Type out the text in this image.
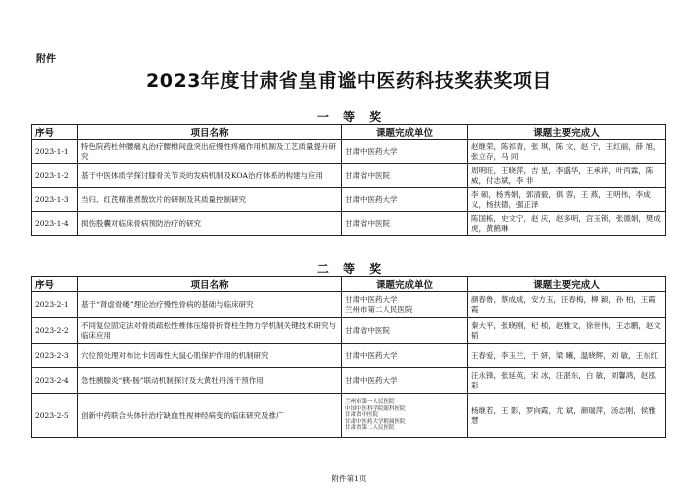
附件
2023年度甘肃省皇甫谧中医药科技奖获奖项目
一 等 奖
序号	项目名称	课题完成单位	课题主要完成人
2023-1-1	特色院药杜仲腰痛丸治疗腰椎间盘突出症慢性疼痛作用机制及工艺质量提升研究	甘肃中医药大学	赵继荣，陈祁青，张 琪，陈 文，赵 宁，王红丽，薛 旭，张立存，马 同
2023-1-2	基于中医体质学探讨膝骨关节炎的发病机制及KOA治疗体系的构建与应用	甘肃省中医院	周明旺，王晓萍，吉 星，李盛华，王承祥，叶丙霖，陈 威，付志斌，李 非
2023-1-3	当归、红芪精准煮散饮片的研制及其质量控制研究	甘肃中医药大学	李 硕，杨秀娟，郭清毅，俱 蓉，王 燕，王明伟，李成义，杨扶德，强正泽
2023-1-4	损伤股囊对临床骨病预防治疗的研究	甘肃省中医院	陈国栋，史文宁，赵 庆，赵多明，宫玉锁，张德娟，樊成虎，黄鹤琳
二 等 奖
序号	项目名称	课题完成单位	课题主要完成人
2023-2-1	基于“肾虚骨痿”理论治疗慢性骨病的基础与临床研究	甘肃中医药大学
兰州市第二人民医院	颜春鲁，蔡成成，安方玉，汪春梅，柳 颖，孙 柏，王霞霞
2023-2-2	不同复位固定法对骨质疏松性椎体压缩骨折脊柱生物力学机制关键技术研究与临床应用	甘肃省中医院	秦大平，张晓刚，杞 桢，赵雅文，徐世伟，王志鹏，赵文韬
2023-2-3	穴位预处理对布比卡因毒性大鼠心肌保护作用的机制研究	甘肃中医药大学	王春爱，李玉兰，于 妍，梁 曦，温晓辉，刘 敏，王东红
2023-2-4	急性胰腺炎“胰-肠”联动机制探讨及大黄牡丹汤干预作用	甘肃中医药大学	汪永锋，张延英，宋 冰，汪湛东，白 敏，刘馨鸿，赵泓彩
2023-2-5	创新中药联合头体针治疗缺血性视神经病变的临床研究及推广	兰州市第一人民医院
中国中医科学院眼科医院
甘肃省中医院
甘肃中医药大学附属医院
甘肃省第二人民医院	杨继若，王 影，罗向霞，尤 斌，颜瑞萍，汤志刚，侯雅慧
附件第1页
